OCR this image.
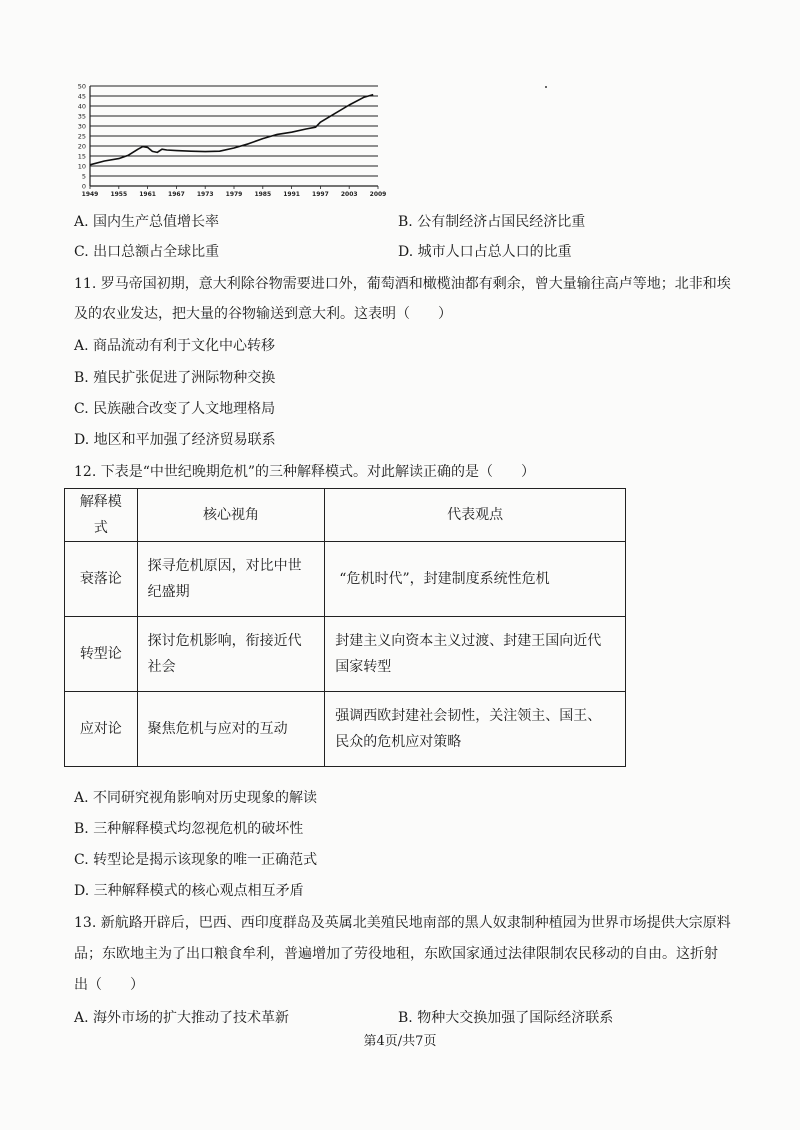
0
5
10
15
20
25
30
35
40
45
50
1949 1955 1961 1967 1973 1979 1985 1991 1997 2003 2009
A. 国内生产总值增长率	B. 公有制经济占国民经济比重
C. 出口总额占全球比重	D. 城市人口占总人口的比重
11. 罗马帝国初期，意大利除谷物需要进口外，葡萄酒和橄榄油都有剩余，曾大量输往高卢等地；北非和埃
及的农业发达，把大量的谷物输送到意大利。这表明（　　）
A. 商品流动有利于文化中心转移
B. 殖民扩张促进了洲际物种交换
C. 民族融合改变了人文地理格局
D. 地区和平加强了经济贸易联系
12. 下表是“中世纪晚期危机”的三种解释模式。对此解读正确的是（　　）
解释模式	核心视角	代表观点
衰落论	探寻危机原因，对比中世纪盛期	“危机时代”，封建制度系统性危机
转型论	探讨危机影响，衔接近代社会	封建主义向资本主义过渡、封建王国向近代国家转型
应对论	聚焦危机与应对的互动	强调西欧封建社会韧性，关注领主、国王、民众的危机应对策略
A. 不同研究视角影响对历史现象的解读
B. 三种解释模式均忽视危机的破坏性
C. 转型论是揭示该现象的唯一正确范式
D. 三种解释模式的核心观点相互矛盾
13. 新航路开辟后，巴西、西印度群岛及英属北美殖民地南部的黑人奴隶制种植园为世界市场提供大宗原料
品；东欧地主为了出口粮食牟利，普遍增加了劳役地租，东欧国家通过法律限制农民移动的自由。这折射
出（　　）
A. 海外市场的扩大推动了技术革新	B. 物种大交换加强了国际经济联系
第4页/共7页
